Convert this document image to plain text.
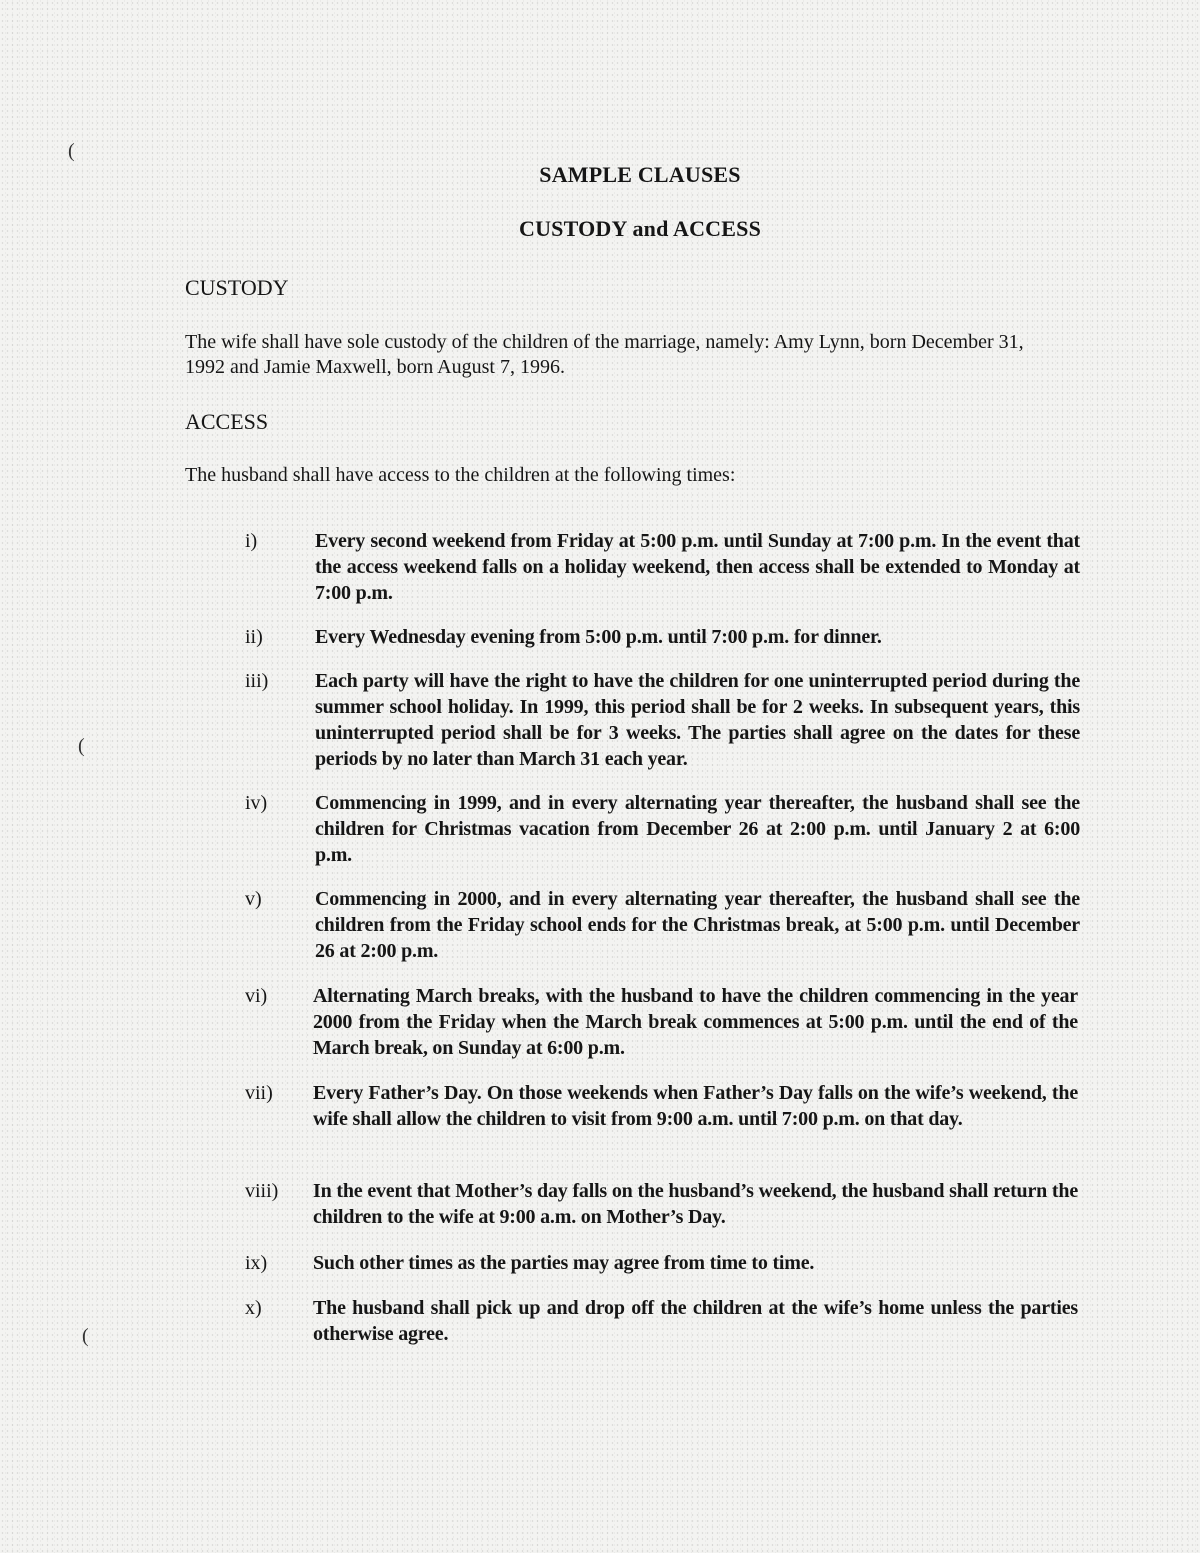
(
(
(
SAMPLE CLAUSES
CUSTODY and ACCESS
CUSTODY
The wife shall have sole custody of the children of the marriage, namely: Amy Lynn, born December 31, 1992 and Jamie Maxwell, born August 7, 1996.
ACCESS
The husband shall have access to the children at the following times:
i)	Every second weekend from Friday at 5:00 p.m. until Sunday at 7:00 p.m. In the event that the access weekend falls on a holiday weekend, then access shall be extended to Monday at 7:00 p.m.
ii)	Every Wednesday evening from 5:00 p.m. until 7:00 p.m. for dinner.
iii) Each party will have the right to have the children for one uninterrupted period during the summer school holiday. In 1999, this period shall be for 2 weeks. In subsequent years, this uninterrupted period shall be for 3 weeks. The parties shall agree on the dates for these periods by no later than March 31 each year.
iv) Commencing in 1999, and in every alternating year thereafter, the husband shall see the children for Christmas vacation from December 26 at 2:00 p.m. until January 2 at 6:00 p.m.
v)	Commencing in 2000, and in every alternating year thereafter, the husband shall see the children from the Friday school ends for the Christmas break, at 5:00 p.m. until December 26 at 2:00 p.m.
vi) Alternating March breaks, with the husband to have the children commencing in the year 2000 from the Friday when the March break commences at 5:00 p.m. until the end of the March break, on Sunday at 6:00 p.m.
vii) Every Father’s Day. On those weekends when Father’s Day falls on the wife’s weekend, the wife shall allow the children to visit from 9:00 a.m. until 7:00 p.m. on that day.
viii) In the event that Mother’s day falls on the husband’s weekend, the husband shall return the children to the wife at 9:00 a.m. on Mother’s Day.
ix) Such other times as the parties may agree from time to time.
x)	The husband shall pick up and drop off the children at the wife’s home unless the parties otherwise agree.
